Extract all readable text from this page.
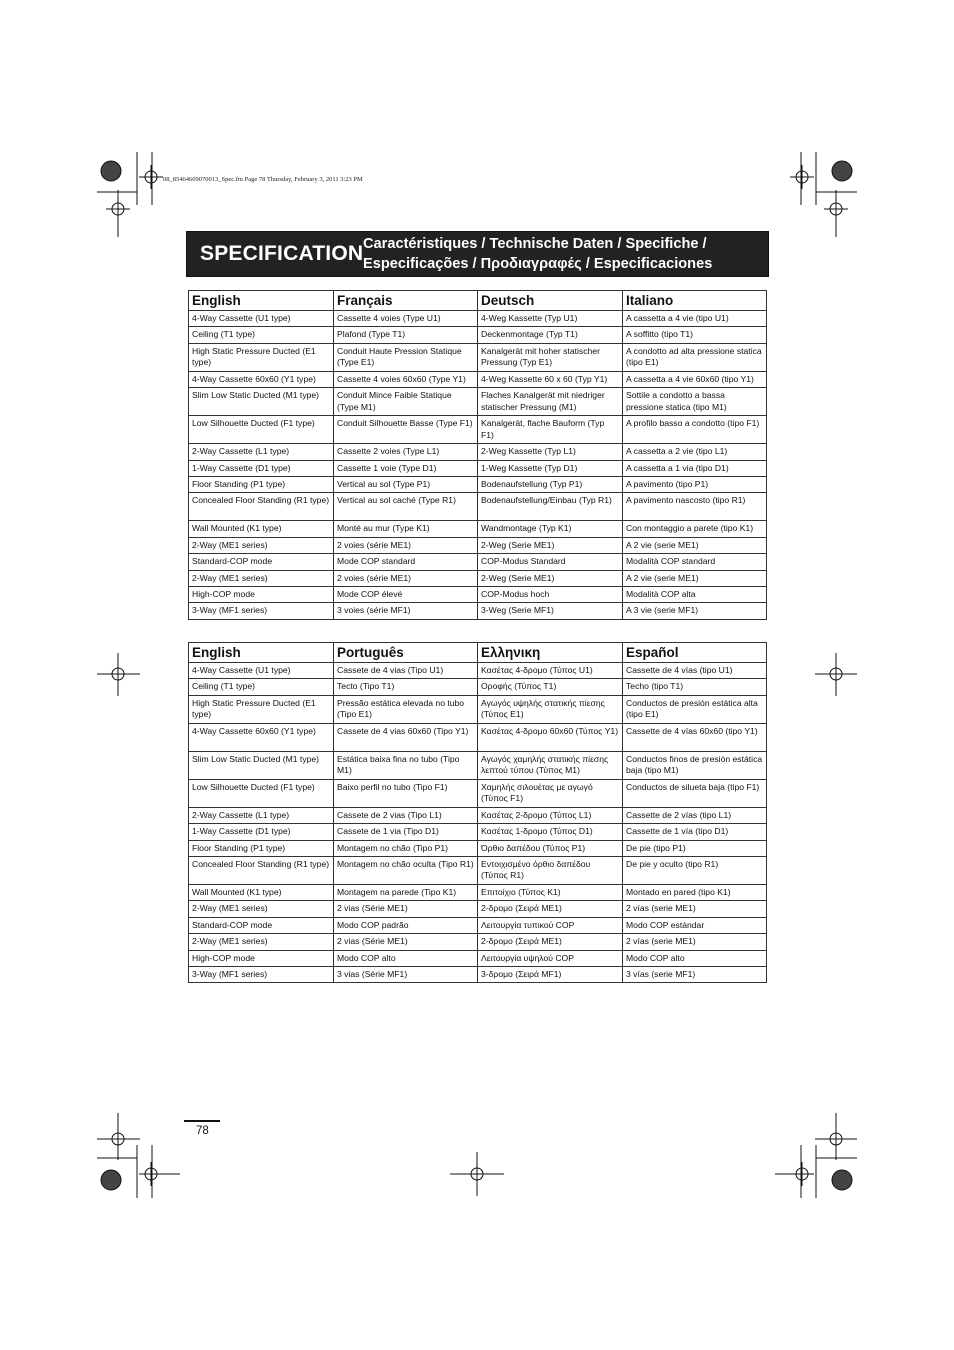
08_85464609070013_Spec.fm Page 78 Thursday, February 3, 2011 3:23 PM
SPECIFICATION Caractéristiques / Technische Daten / Specifiche /
Especificações / Προδιαγραφές / Especificaciones
English	Français	Deutsch	Italiano
4-Way Cassette (U1 type)	Cassette 4 voies (Type U1)	4-Weg Kassette (Typ U1)	A cassetta a 4 vie (tipo U1)
Ceiling (T1 type)	Plafond (Type T1)	Deckenmontage (Typ T1)	A soffitto (tipo T1)
High Static Pressure Ducted (E1 type)	Conduit Haute Pression Statique (Type E1)	Kanalgerät mit hoher statischer Pressung (Typ E1)	A condotto ad alta pressione statica (tipo E1)
4-Way Cassette 60x60 (Y1 type)	Cassette 4 voies 60x60 (Type Y1)	4-Weg Kassette 60 x 60 (Typ Y1)	A cassetta a 4 vie 60x60 (tipo Y1)
Slim Low Static Ducted (M1 type)	Conduit Mince Faible Statique (Type M1)	Flaches Kanalgerät mit niedriger statischer Pressung (M1)	Sottile a condotto a bassa pressione statica (tipo M1)
Low Silhouette Ducted (F1 type)	Conduit Silhouette Basse (Type F1)	Kanalgerät, flache Bauform (Typ F1)	A profilo basso a condotto (tipo F1)
2-Way Cassette (L1 type)	Cassette 2 voies (Type L1)	2-Weg Kassette (Typ L1)	A cassetta a 2 vie (tipo L1)
1-Way Cassette (D1 type)	Cassette 1 voie (Type D1)	1-Weg Kassette (Typ D1)	A cassetta a 1 via (tipo D1)
Floor Standing (P1 type)	Vertical au sol (Type P1)	Bodenaufstellung (Typ P1)	A pavimento (tipo P1)
Concealed Floor Standing (R1 type)	Vertical au sol caché (Type R1)	Bodenaufstellung/Einbau (Typ R1)	A pavimento nascosto (tipo R1)
Wall Mounted (K1 type)	Monté au mur (Type K1)	Wandmontage (Typ K1)	Con montaggio a parete (tipo K1)
2-Way (ME1 series)	2 voies (série ME1)	2-Weg (Serie ME1)	A 2 vie (serie ME1)
Standard-COP mode	Mode COP standard	COP-Modus Standard	Modalità COP standard
2-Way (ME1 series)	2 voies (série ME1)	2-Weg (Serie ME1)	A 2 vie (serie ME1)
High-COP mode	Mode COP élevé	COP-Modus hoch	Modalità COP alta
3-Way (MF1 series)	3 voies (série MF1)	3-Weg (Serie MF1)	A 3 vie (serie MF1)
English	Português	Ελληνικη	Español
4-Way Cassette (U1 type)	Cassete de 4 vias (Tipo U1)	Κασέτας 4-δρομο (Τύπος U1)	Cassette de 4 vías (tipo U1)
Ceiling (T1 type)	Tecto (Tipo T1)	Οροφής (Τύπος T1)	Techo (tipo T1)
High Static Pressure Ducted (E1 type)	Pressão estática elevada no tubo (Tipo E1)	Αγωγός υψηλής στατικής πίεσης (Τύπος E1)	Conductos de presión estática alta (tipo E1)
4-Way Cassette 60x60 (Y1 type)	Cassete de 4 vias 60x60 (Tipo Y1)	Κασέτας 4-δρομο 60x60 (Τύπος Y1)	Cassette de 4 vías 60x60 (tipo Y1)
Slim Low Static Ducted (M1 type)	Estática baixa fina no tubo (Tipo M1)	Αγωγός χαμηλής στατικής πίεσης λεπτού τύπου (Τύπος M1)	Conductos finos de presión estática baja (tipo M1)
Low Silhouette Ducted (F1 type)	Baixo perfil no tubo (Tipo F1)	Χαμηλής σιλουέτας με αγωγό (Τύπος F1)	Conductos de silueta baja (tipo F1)
2-Way Cassette (L1 type)	Cassete de 2 vias (Tipo L1)	Κασέτας 2-δρομο (Τύπος L1)	Cassette de 2 vías (tipo L1)
1-Way Cassette (D1 type)	Cassete de 1 via (Tipo D1)	Κασέτας 1-δρομο (Τύπος D1)	Cassette de 1 vía (tipo D1)
Floor Standing (P1 type)	Montagem no chão (Tipo P1)	Όρθιο δαπέδου (Τύπος P1)	De pie (tipo P1)
Concealed Floor Standing (R1 type)	Montagem no chão oculta (Tipo R1)	Εντοιχισμένο όρθιο δαπέδου (Τύπος R1)	De pie y oculto (tipo R1)
Wall Mounted (K1 type)	Montagem na parede (Tipo K1)	Επιτοίχιο (Τύπος K1)	Montado en pared (tipo K1)
2-Way (ME1 series)	2 vias (Série ME1)	2-δρομο (Σειρά ME1)	2 vías (serie ME1)
Standard-COP mode	Modo COP padrão	Λειτουργία τυπικού COP	Modo COP estándar
2-Way (ME1 series)	2 vias (Série ME1)	2-δρομο (Σειρά ME1)	2 vías (serie ME1)
High-COP mode	Modo COP alto	Λειτουργία υψηλού COP	Modo COP alto
3-Way (MF1 series)	3 vias (Série MF1)	3-δρομο (Σειρά MF1)	3 vías (serie MF1)
78
